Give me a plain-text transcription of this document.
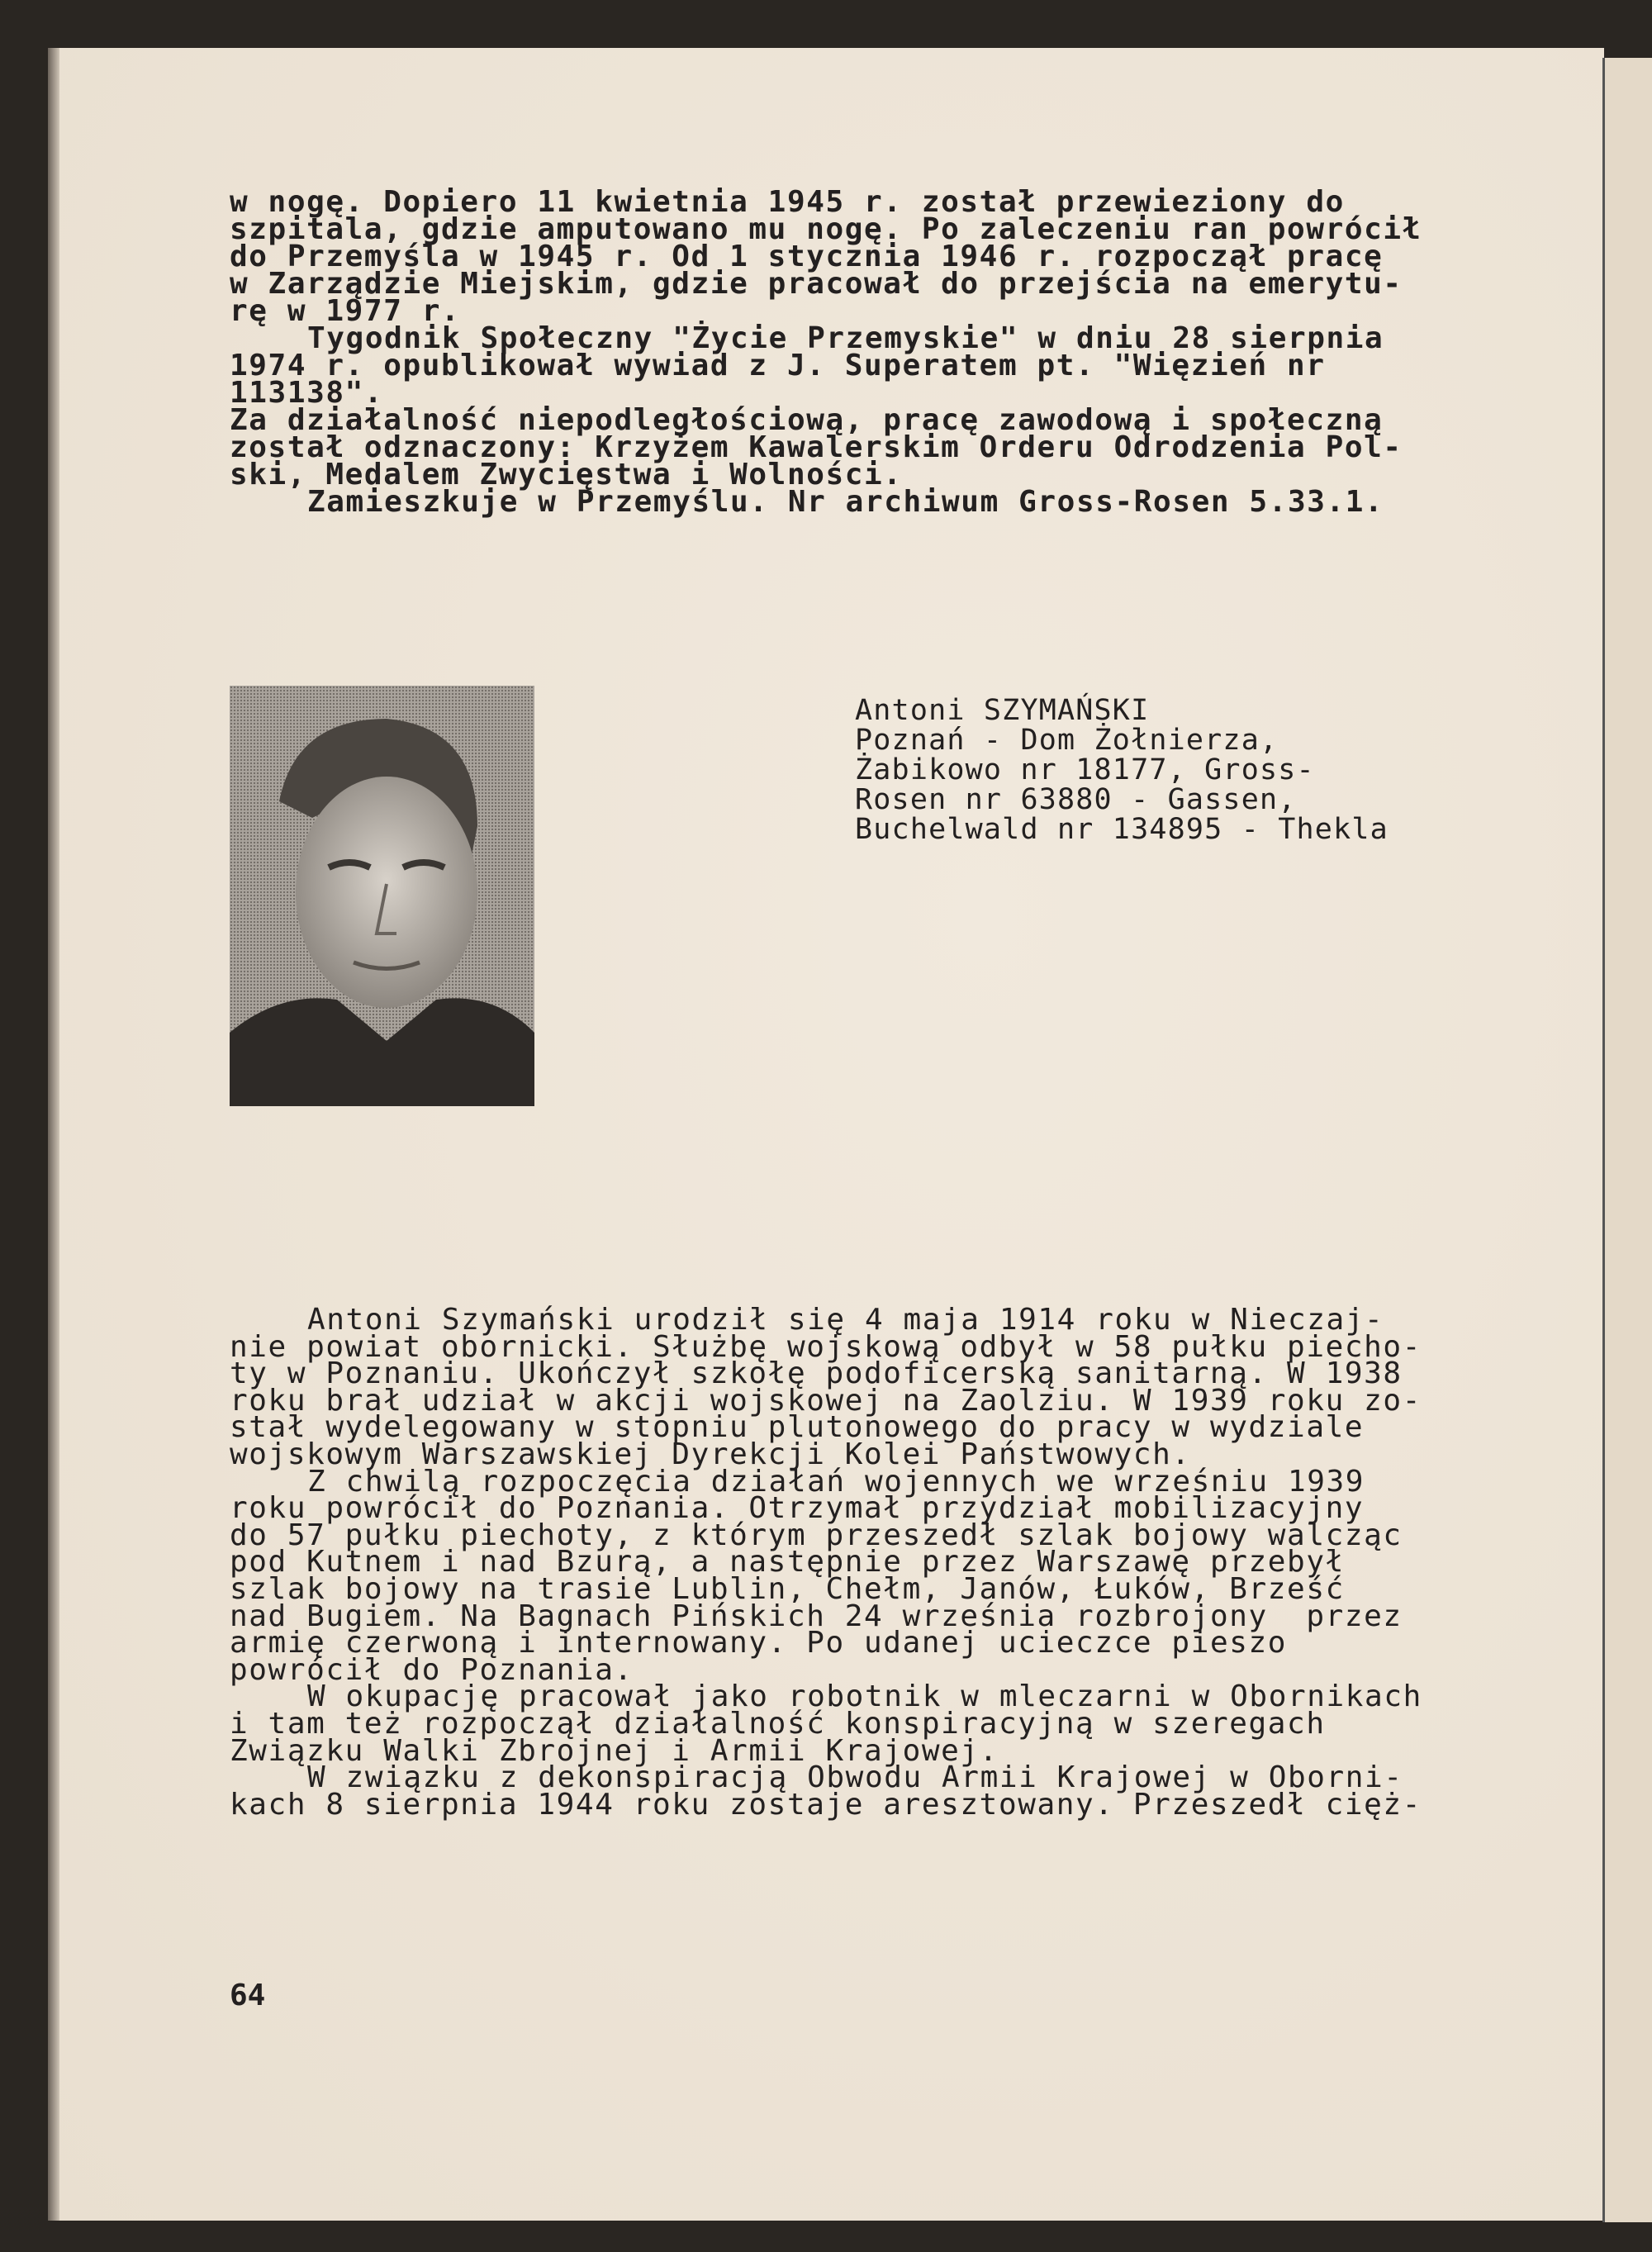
w nogę. Dopiero 11 kwietnia 1945 r. został przewieziony do
szpitala, gdzie amputowano mu nogę. Po zaleczeniu ran powrócił
do Przemyśla w 1945 r. Od 1 stycznia 1946 r. rozpoczął pracę
w Zarządzie Miejskim, gdzie pracował do przejścia na emerytu-
rę w 1977 r.
Tygodnik Społeczny "Życie Przemyskie" w dniu 28 sierpnia
1974 r. opublikował wywiad z J. Superatem pt. "Więzień nr
113138".
Za działalność niepodległościową, pracę zawodową i społeczną
został odznaczony: Krzyżem Kawalerskim Orderu Odrodzenia Pol-
ski, Medalem Zwycięstwa i Wolności.
Zamieszkuje w Przemyślu. Nr archiwum Gross-Rosen 5.33.1.
Antoni SZYMAŃSKI
Poznań - Dom Żołnierza,
Żabikowo nr 18177, Gross-
Rosen nr 63880 - Gassen,
Buchelwald nr 134895 - Thekla
Antoni Szymański urodził się 4 maja 1914 roku w Nieczaj-
nie powiat obornicki. Służbę wojskową odbył w 58 pułku piecho-
ty w Poznaniu. Ukończył szkołę podoficerską sanitarną. W 1938
roku brał udział w akcji wojskowej na Zaolziu. W 1939 roku zo-
stał wydelegowany w stopniu plutonowego do pracy w wydziale
wojskowym Warszawskiej Dyrekcji Kolei Państwowych.
Z chwilą rozpoczęcia działań wojennych we wrześniu 1939
roku powrócił do Poznania. Otrzymał przydział mobilizacyjny
do 57 pułku piechoty, z którym przeszedł szlak bojowy walcząc
pod Kutnem i nad Bzurą, a następnie przez Warszawę przebył
szlak bojowy na trasie Lublin, Chełm, Janów, Łuków, Brześć
nad Bugiem. Na Bagnach Pińskich 24 września rozbrojony  przez
armię czerwoną i internowany. Po udanej ucieczce pieszo
powrócił do Poznania.
W okupację pracował jako robotnik w mleczarni w Obornikach
i tam też rozpoczął działalność konspiracyjną w szeregach
Związku Walki Zbrojnej i Armii Krajowej.
W związku z dekonspiracją Obwodu Armii Krajowej w Oborni-
kach 8 sierpnia 1944 roku zostaje aresztowany. Przeszedł cięż-
64
